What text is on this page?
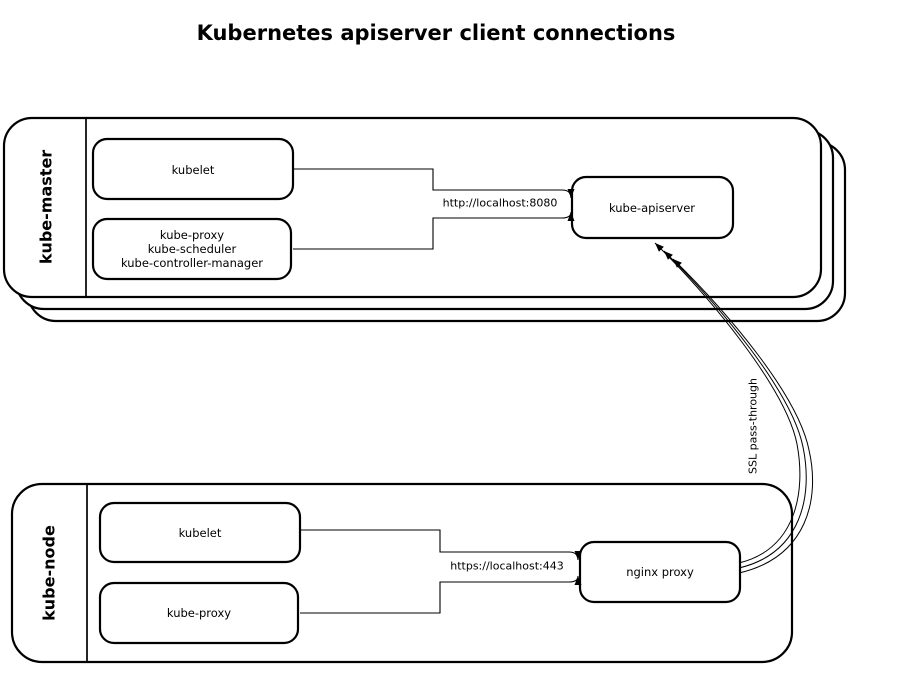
Kubernetes apiserver client connections
kube-master	kubelet
kube-proxy
kube-scheduler
kube-controller-manager
kube-apiserver
http://localhost:8080
kube-node	kubelet
kube-proxy
nginx proxy
https://localhost:443
SSL pass-through
